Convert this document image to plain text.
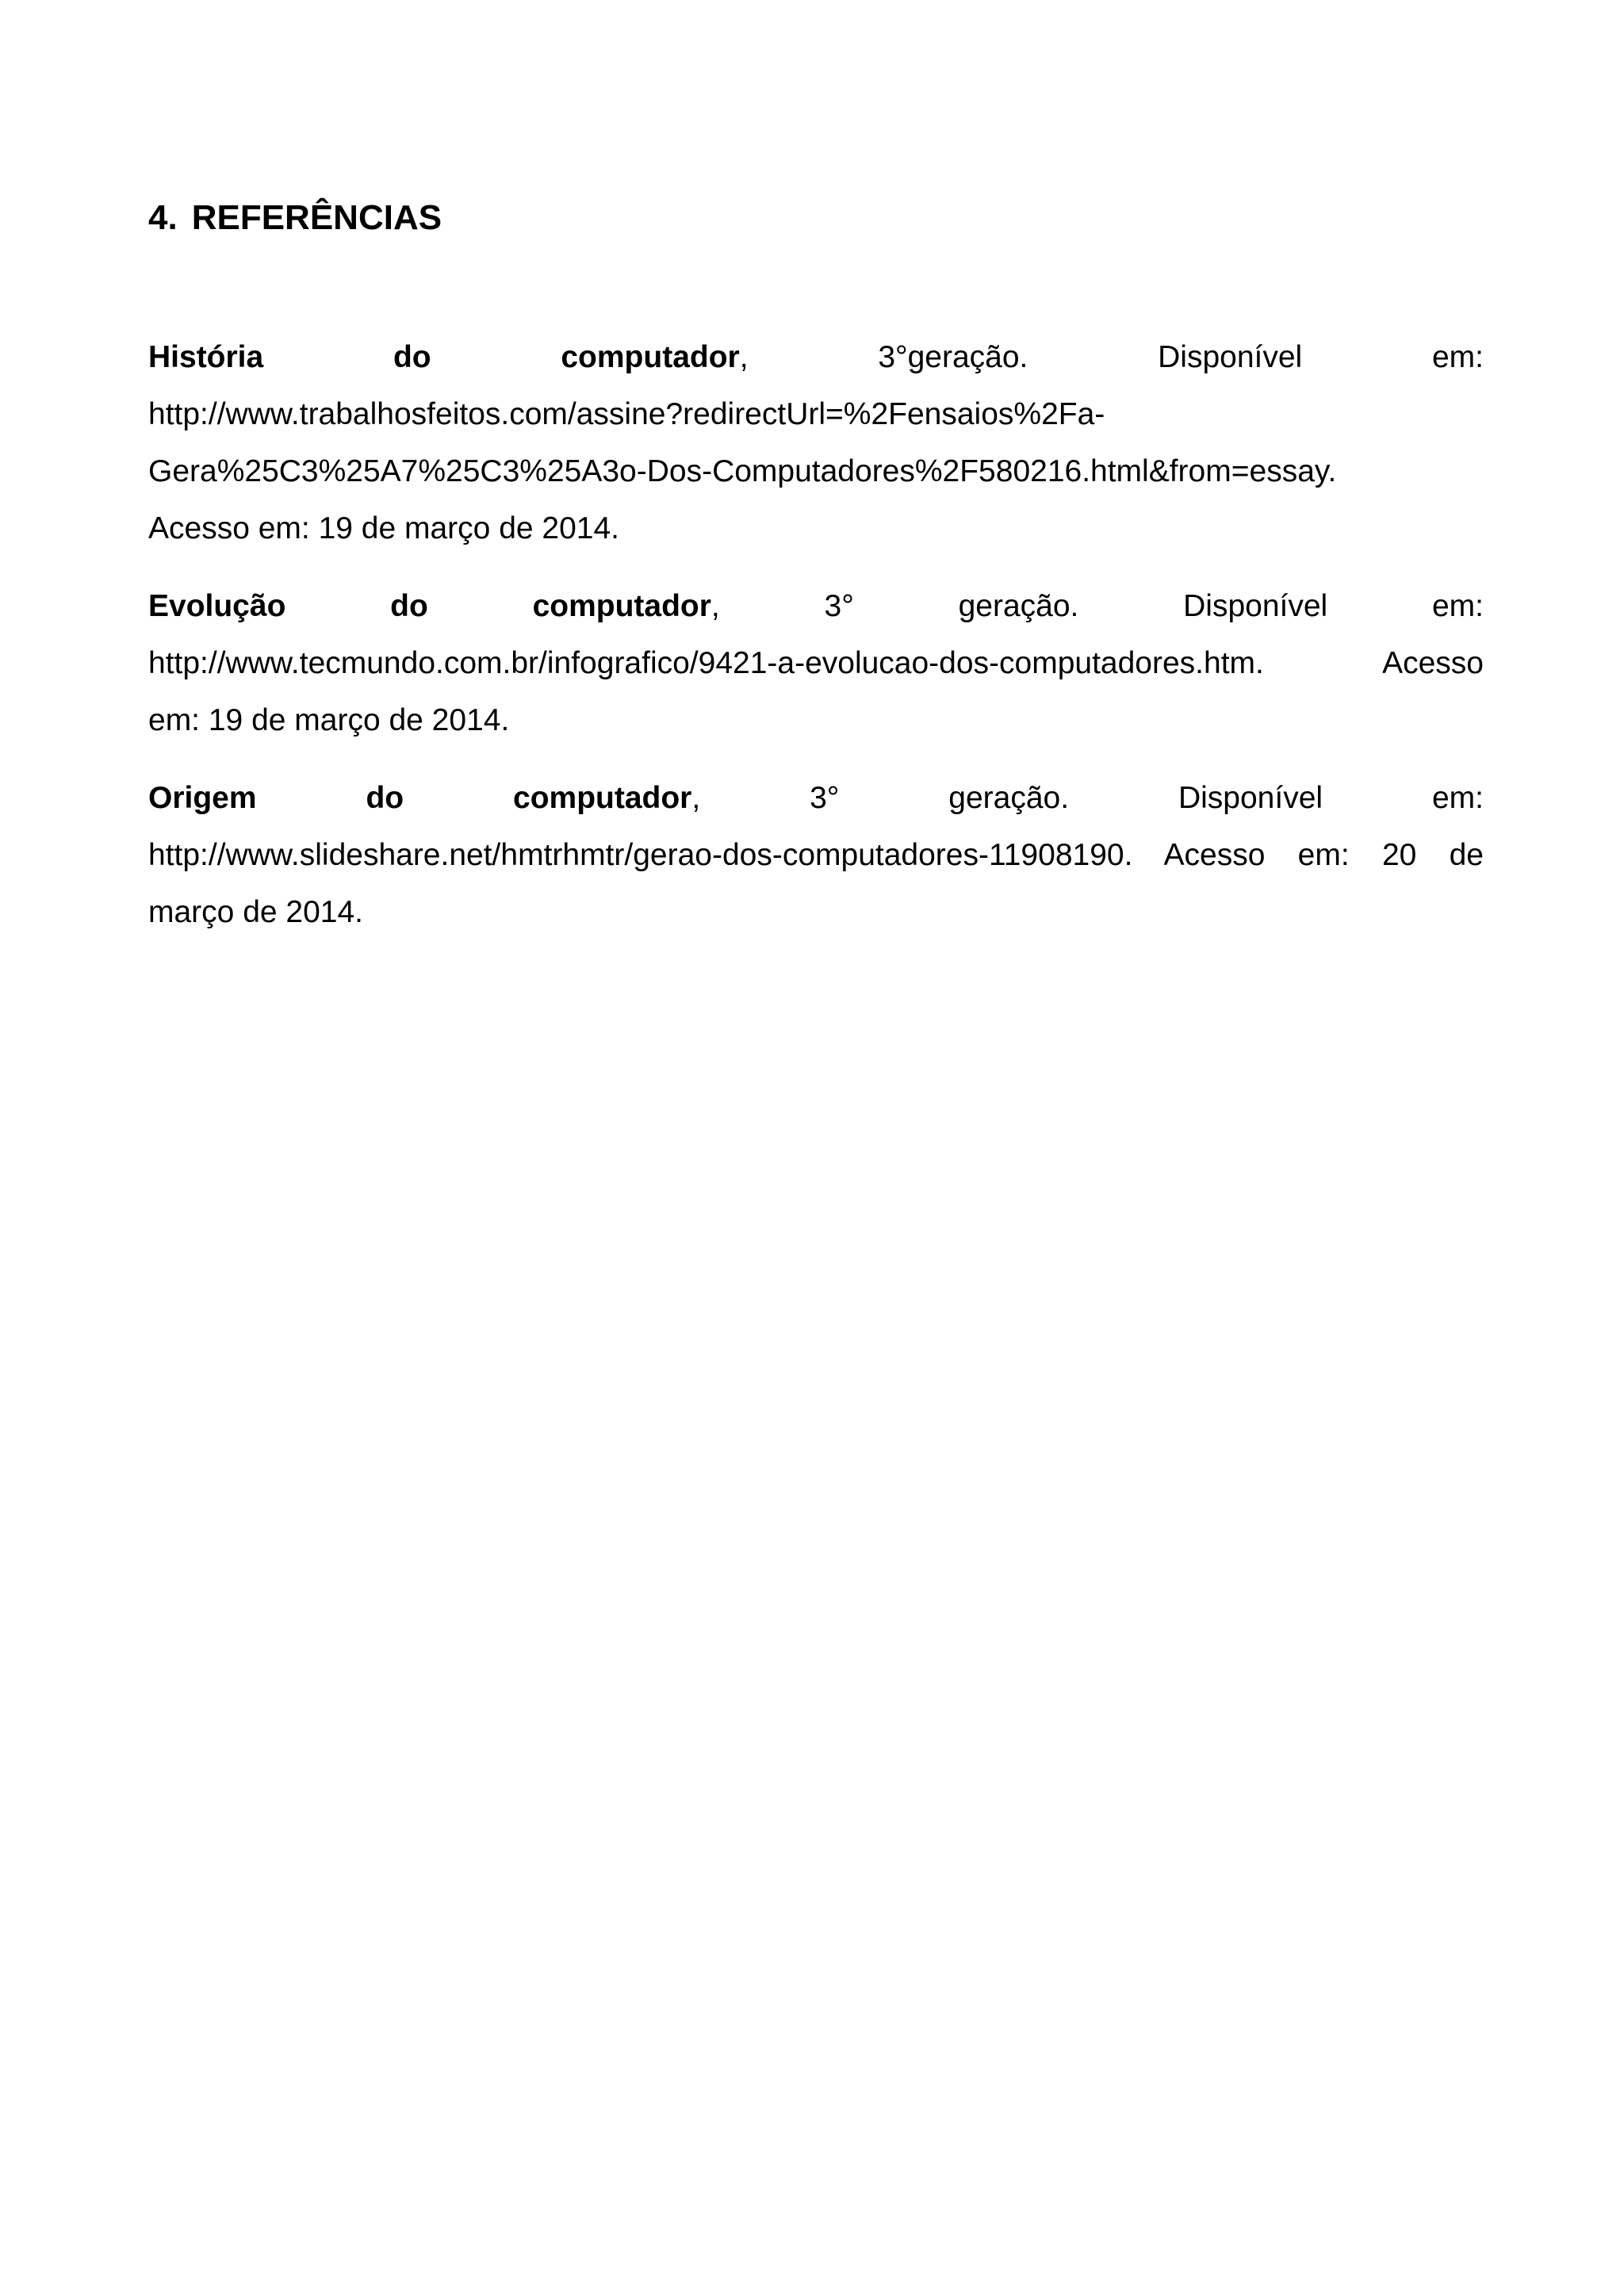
4. REFERÊNCIAS

História do computador, 3°geração. Disponível em:
http://www.trabalhosfeitos.com/assine?redirectUrl=%2Fensaios%2Fa-
Gera%25C3%25A7%25C3%25A3o-Dos-Computadores%2F580216.html&from=essay.
Acesso em: 19 de março de 2014.

Evolução do computador, 3° geração. Disponível em:
http://www.tecmundo.com.br/infografico/9421-a-evolucao-dos-computadores.htm. Acesso
em: 19 de março de 2014.

Origem do computador, 3° geração. Disponível em:
http://www.slideshare.net/hmtrhmtr/gerao-dos-computadores-11908190. Acesso em: 20 de
março de 2014.
